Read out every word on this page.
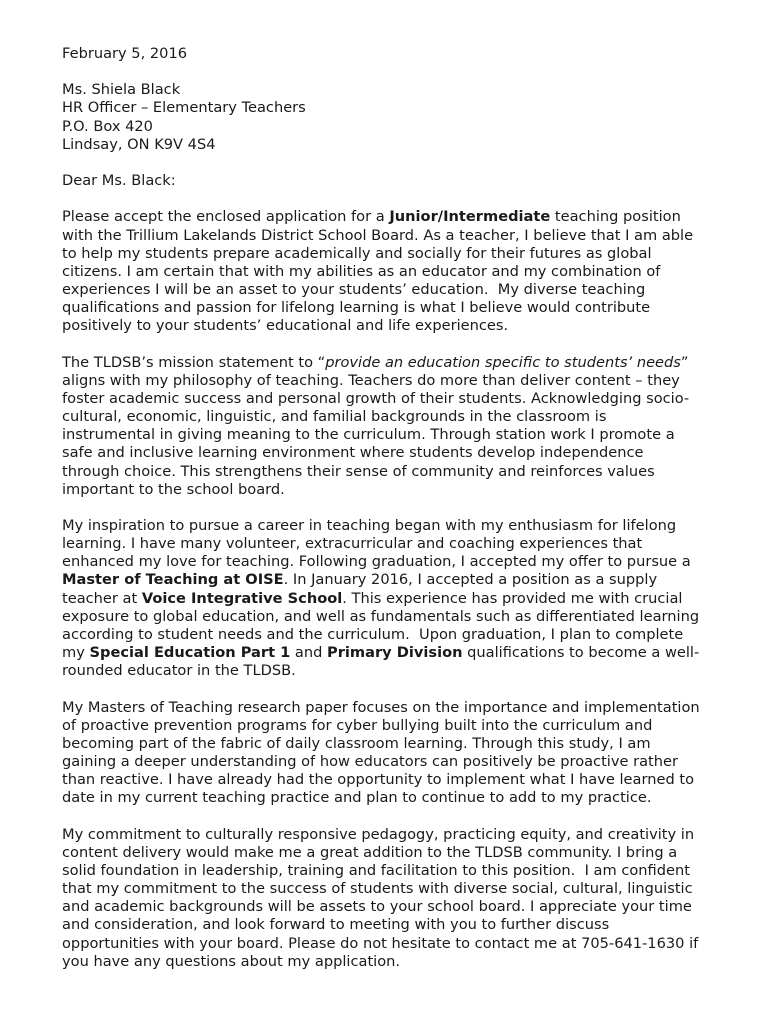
February 5, 2016
Ms. Shiela Black
HR Officer – Elementary Teachers
P.O. Box 420
Lindsay, ON K9V 4S4
Dear Ms. Black:
Please accept the enclosed application for a Junior/Intermediate teaching position
with the Trillium Lakelands District School Board. As a teacher, I believe that I am able
to help my students prepare academically and socially for their futures as global
citizens. I am certain that with my abilities as an educator and my combination of
experiences I will be an asset to your students’ education.  My diverse teaching
qualifications and passion for lifelong learning is what I believe would contribute
positively to your students’ educational and life experiences.
The TLDSB’s mission statement to “provide an education specific to students’ needs”
aligns with my philosophy of teaching. Teachers do more than deliver content – they
foster academic success and personal growth of their students. Acknowledging socio-
cultural, economic, linguistic, and familial backgrounds in the classroom is
instrumental in giving meaning to the curriculum. Through station work I promote a
safe and inclusive learning environment where students develop independence
through choice. This strengthens their sense of community and reinforces values
important to the school board.
My inspiration to pursue a career in teaching began with my enthusiasm for lifelong
learning. I have many volunteer, extracurricular and coaching experiences that
enhanced my love for teaching. Following graduation, I accepted my offer to pursue a
Master of Teaching at OISE. In January 2016, I accepted a position as a supply
teacher at Voice Integrative School. This experience has provided me with crucial
exposure to global education, and well as fundamentals such as differentiated learning
according to student needs and the curriculum.  Upon graduation, I plan to complete
my Special Education Part 1 and Primary Division qualifications to become a well-
rounded educator in the TLDSB.
My Masters of Teaching research paper focuses on the importance and implementation
of proactive prevention programs for cyber bullying built into the curriculum and
becoming part of the fabric of daily classroom learning. Through this study, I am
gaining a deeper understanding of how educators can positively be proactive rather
than reactive. I have already had the opportunity to implement what I have learned to
date in my current teaching practice and plan to continue to add to my practice.
My commitment to culturally responsive pedagogy, practicing equity, and creativity in
content delivery would make me a great addition to the TLDSB community. I bring a
solid foundation in leadership, training and facilitation to this position.  I am confident
that my commitment to the success of students with diverse social, cultural, linguistic
and academic backgrounds will be assets to your school board. I appreciate your time
and consideration, and look forward to meeting with you to further discuss
opportunities with your board. Please do not hesitate to contact me at 705-641-1630 if
you have any questions about my application.
